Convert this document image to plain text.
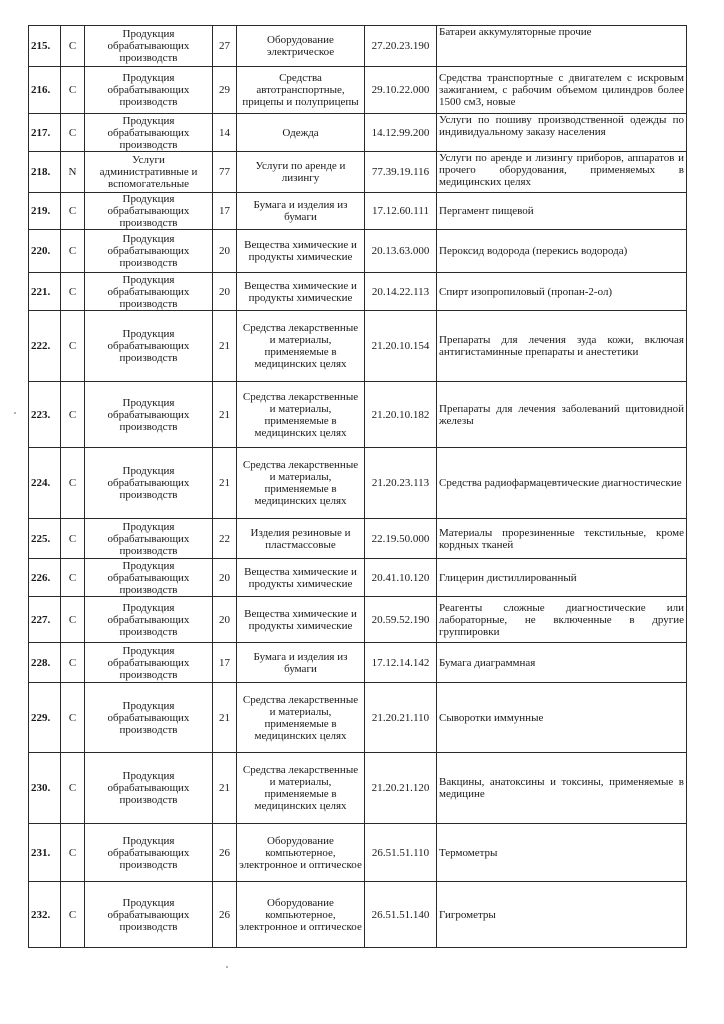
215.	C	Продукция обрабатывающих производств	27	Оборудование электрическое	27.20.23.190	Батареи аккумуляторные прочие
216.	C	Продукция обрабатывающих производств	29	Средства автотранспортные, прицепы и полуприцепы	29.10.22.000	Средства транспортные с двигателем с искровым зажиганием, с рабочим объемом цилиндров более 1500 см3, новые
217.	C	Продукция обрабатывающих производств	14	Одежда	14.12.99.200	Услуги по пошиву производственной одежды по индивидуальному заказу населения
218.	N	Услуги административные и вспомогательные	77	Услуги по аренде и лизингу	77.39.19.116	Услуги по аренде и лизингу приборов, аппаратов и прочего оборудования, применяемых в медицинских целях
219.	C	Продукция обрабатывающих производств	17	Бумага и изделия из бумаги	17.12.60.111	Пергамент пищевой
220.	C	Продукция обрабатывающих производств	20	Вещества химические и продукты химические	20.13.63.000	Пероксид водорода (перекись водорода)
221.	C	Продукция обрабатывающих производств	20	Вещества химические и продукты химические	20.14.22.113	Спирт изопропиловый (пропан-2-ол)
222.	C	Продукция обрабатывающих производств	21	Средства лекарственные и материалы, применяемые в медицинских целях	21.20.10.154	Препараты для лечения зуда кожи, включая антигистаминные препараты и анестетики
223.	C	Продукция обрабатывающих производств	21	Средства лекарственные и материалы, применяемые в медицинских целях	21.20.10.182	Препараты для лечения заболеваний щитовидной железы
224.	C	Продукция обрабатывающих производств	21	Средства лекарственные и материалы, применяемые в медицинских целях	21.20.23.113	Средства радиофармацевтические диагностические
225.	C	Продукция обрабатывающих производств	22	Изделия резиновые и пластмассовые	22.19.50.000	Материалы прорезиненные текстильные, кроме кордных тканей
226.	C	Продукция обрабатывающих производств	20	Вещества химические и продукты химические	20.41.10.120	Глицерин дистиллированный
227.	C	Продукция обрабатывающих производств	20	Вещества химические и продукты химические	20.59.52.190	Реагенты сложные диагностические или лабораторные, не включенные в другие группировки
228.	C	Продукция обрабатывающих производств	17	Бумага и изделия из бумаги	17.12.14.142	Бумага диаграммная
229.	C	Продукция обрабатывающих производств	21	Средства лекарственные и материалы, применяемые в медицинских целях	21.20.21.110	Сыворотки иммунные
230.	C	Продукция обрабатывающих производств	21	Средства лекарственные и материалы, применяемые в медицинских целях	21.20.21.120	Вакцины, анатоксины и токсины, применяемые в медицине
231.	C	Продукция обрабатывающих производств	26	Оборудование компьютерное, электронное и оптическое	26.51.51.110	Термометры
232.	C	Продукция обрабатывающих производств	26	Оборудование компьютерное, электронное и оптическое	26.51.51.140	Гигрометры
